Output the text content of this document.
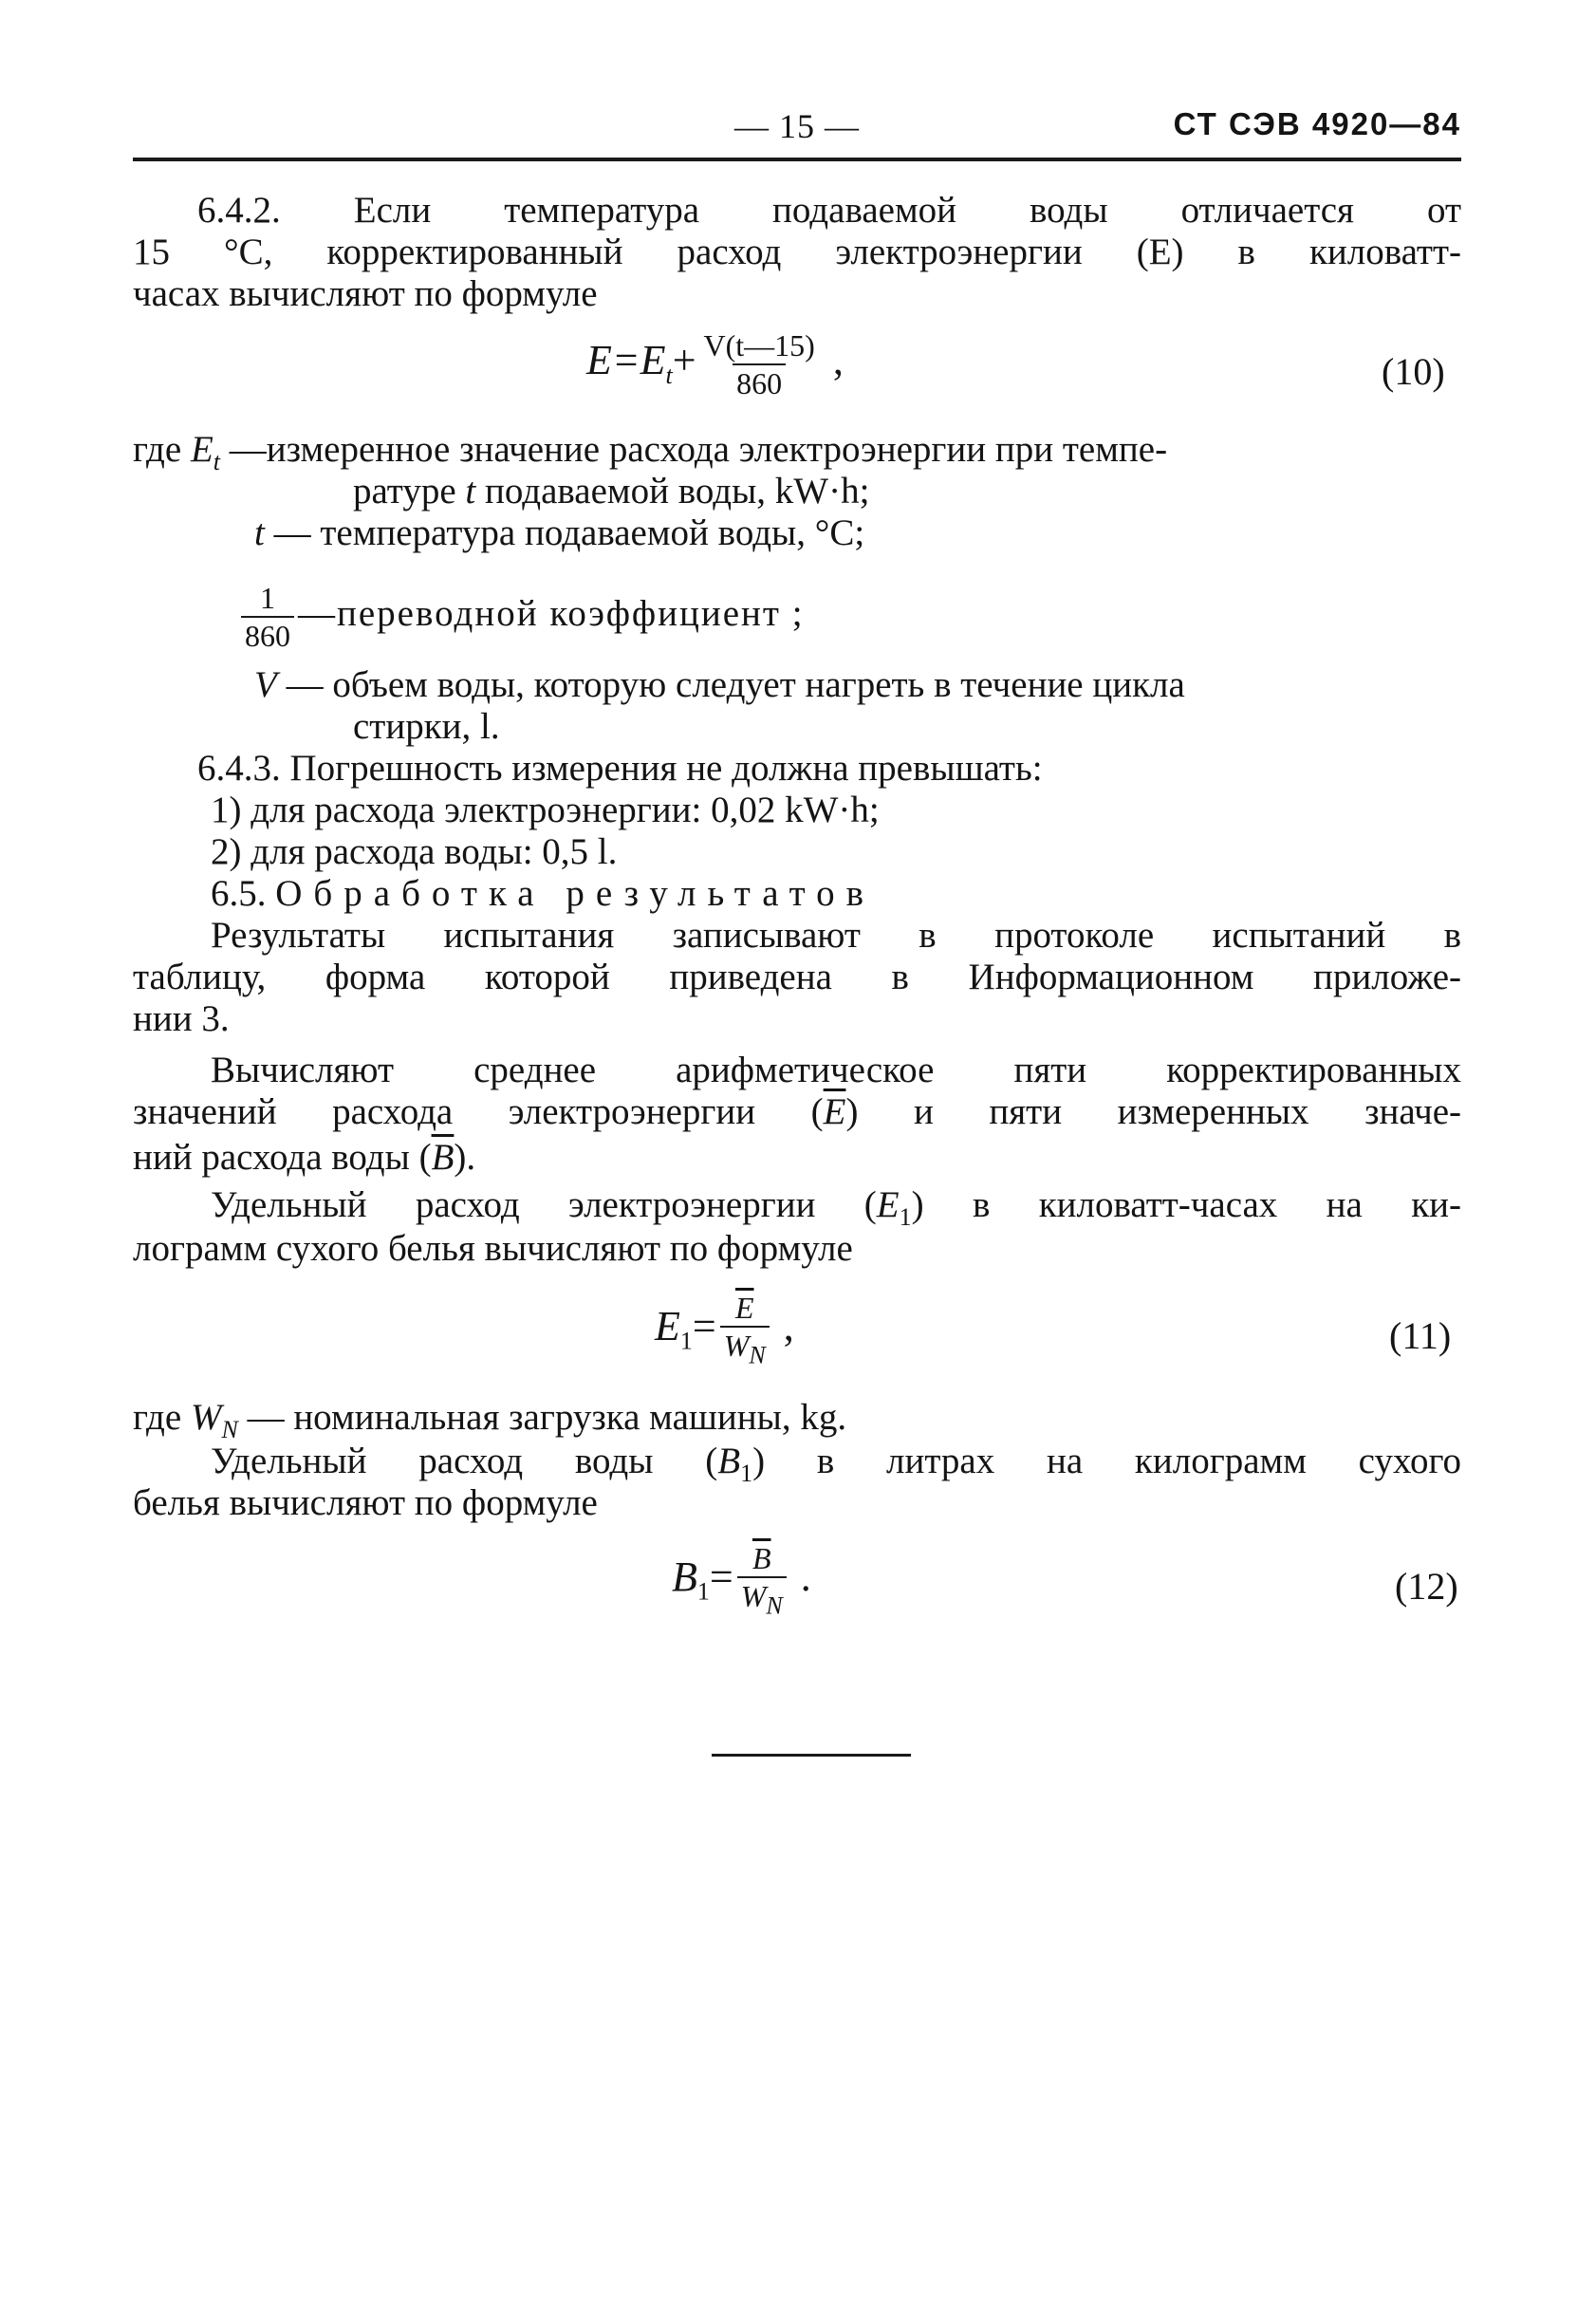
— 15 —	СТ СЭВ 4920—84
6.4.2. Если температура подаваемой воды отличается от
15 °С, корректированный расход электроэнергии (E) в киловатт-
часах вычисляют по формуле
$E=E_t+ \frac{V(t—15)}{860}$ ,	(10)
где $E_t$ —измеренное значение расхода электроэнергии при темпе-
ратуре t подаваемой воды, kW·h;
t — температура подаваемой воды, °С;
$\frac{1}{860}$ —переводной коэффициент ;
V — объем воды, которую следует нагреть в течение цикла
стирки, l.
6.4.3. Погрешность измерения не должна превышать:
1) для расхода электроэнергии: 0,02 kW·h;
2) для расхода воды: 0,5 l.
6.5. Обработка результатов
Результаты испытания записывают в протоколе испытаний в
таблицу, форма которой приведена в Информационном приложе-
нии 3.
Вычисляют среднее арифметическое пяти корректированных
значений расхода электроэнергии $(\overline{E})$ и пяти измеренных значе-
ний расхода воды $(\overline{B})$.
Удельный расход электроэнергии $(E_1)$ в киловатт-часах на ки-
лограмм сухого белья вычисляют по формуле
$E_1= \frac{\overline{E}}{W_N}$ ,	(11)
где $W_N$ — номинальная загрузка машины, kg.
Удельный расход воды $(B_1)$ в литрах на килограмм сухого
белья вычисляют по формуле
$B_1= \frac{\overline{B}}{W_N}$ .	(12)
